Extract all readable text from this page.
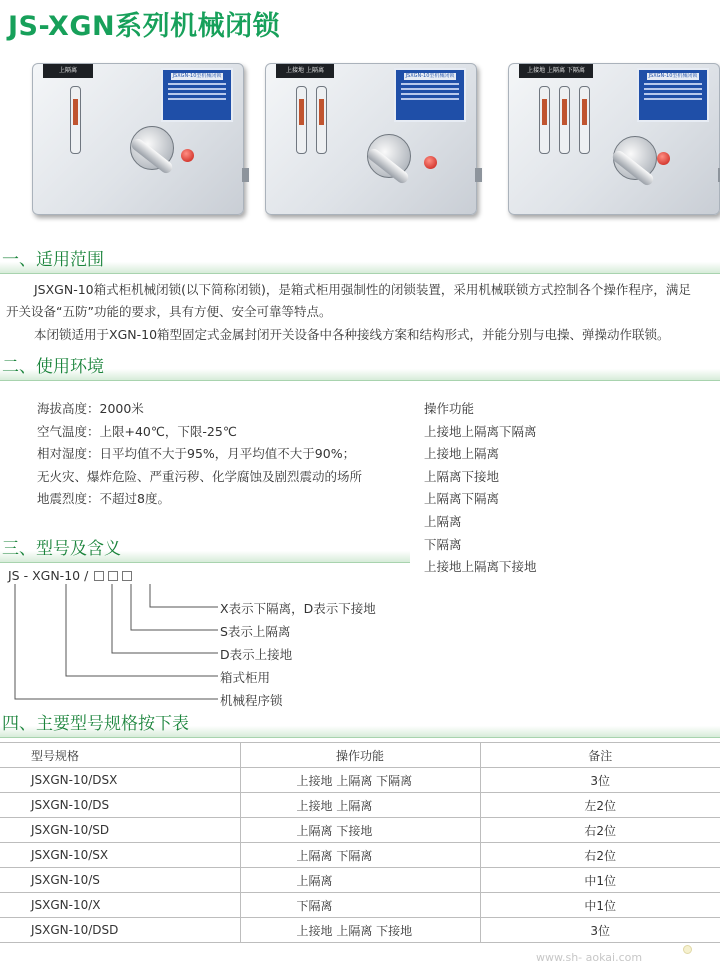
JS-XGN系列机械闭锁
上隔离
JSXGN-10型机械闭锁
上接地 上隔离
JSXGN-10型机械闭锁
上接地 上隔离 下隔离
JSXGN-10型机械闭锁
一、适用范围
JSXGN-10箱式柜机械闭锁(以下简称闭锁)，是箱式柜用强制性的闭锁装置，采用机械联锁方式控制各个操作程序，满足
开关设备“五防”功能的要求，具有方便、安全可靠等特点。
本闭锁适用于XGN-10箱型固定式金属封闭开关设备中各种接线方案和结构形式，并能分别与电操、弹操动作联锁。
二、使用环境
海拔高度：2000米
空气温度：上限+40℃，下限-25℃
相对湿度：日平均值不大于95%，月平均值不大于90%；
无火灾、爆炸危险、严重污秽、化学腐蚀及剧烈震动的场所
地震烈度：不超过8度。
操作功能
上接地上隔离下隔离
上接地上隔离
上隔离下接地
上隔离下隔离
上隔离
下隔离
上接地上隔离下接地
三、型号及含义
JS - XGN-10 /
X表示下隔离，D表示下接地
S表示上隔离
D表示上接地
箱式柜用
机械程序锁
四、主要型号规格按下表
型号规格	操作功能	备注
JSXGN-10/DSX	上接地 上隔离 下隔离	3位
JSXGN-10/DS	上接地 上隔离	左2位
JSXGN-10/SD	上隔离 下接地	右2位
JSXGN-10/SX	上隔离 下隔离	右2位
JSXGN-10/S	上隔离	中1位
JSXGN-10/X	下隔离	中1位
JSXGN-10/DSD	上接地 上隔离 下接地	3位
www.sh- aokai.com
